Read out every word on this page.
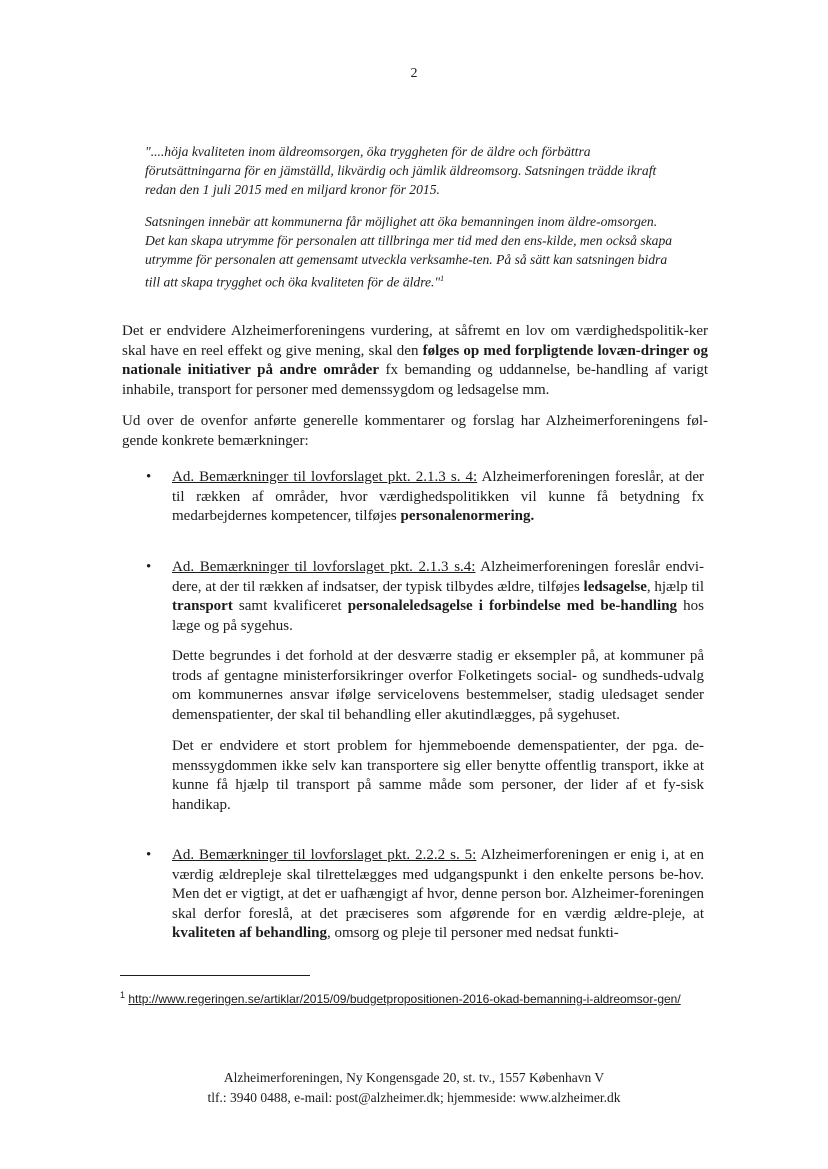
2

"....höja kvaliteten inom äldreomsorgen, öka tryggheten för de äldre och förbättra förutsättningarna för en jämställd, likvärdig och jämlik äldreomsorg. Satsningen trädde ikraft redan den 1 juli 2015 med en miljard kronor för 2015.

Satsningen innebär att kommunerna får möjlighet att öka bemanningen inom äldre-omsorgen. Det kan skapa utrymme för personalen att tillbringa mer tid med den ens-kilde, men också skapa utrymme för personalen att gemensamt utveckla verksamhe-ten. På så sätt kan satsningen bidra till att skapa trygghet och öka kvaliteten för de äldre."$^1$

Det er endvidere Alzheimerforeningens vurdering, at såfremt en lov om værdighedspolitik-ker skal have en reel effekt og give mening, skal den følges op med forpligtende lovæn-dringer og nationale initiativer på andre områder fx bemanding og uddannelse, be-handling af varigt inhabile, transport for personer med demenssygdom og ledsagelse mm.

Ud over de ovenfor anførte generelle kommentarer og forslag har Alzheimerforeningens føl-gende konkrete bemærkninger:

• Ad. Bemærkninger til lovforslaget pkt. 2.1.3 s. 4: Alzheimerforeningen foreslår, at der til rækken af områder, hvor værdighedspolitikken vil kunne få betydning fx medarbejdernes kompetencer, tilføjes personalenormering.
• Ad. Bemærkninger til lovforslaget pkt. 2.1.3 s.4: Alzheimerforeningen foreslår endvi-dere, at der til rækken af indsatser, der typisk tilbydes ældre, tilføjes ledsagelse, hjælp til transport samt kvalificeret personaleledsagelse i forbindelse med be-handling hos læge og på sygehus.
Dette begrundes i det forhold at der desværre stadig er eksempler på, at kommuner på trods af gentagne ministerforsikringer overfor Folketingets social- og sundheds-udvalg om kommunernes ansvar ifølge servicelovens bestemmelser, stadig uledsaget sender demenspatienter, der skal til behandling eller akutindlægges, på sygehuset.
Det er endvidere et stort problem for hjemmeboende demenspatienter, der pga. de-menssygdommen ikke selv kan transportere sig eller benytte offentlig transport, ikke at kunne få hjælp til transport på samme måde som personer, der lider af et fy-sisk handikap.
• Ad. Bemærkninger til lovforslaget pkt. 2.2.2 s. 5: Alzheimerforeningen er enig i, at en værdig ældrepleje skal tilrettelægges med udgangspunkt i den enkelte persons be-hov. Men det er vigtigt, at det er uafhængigt af hvor, denne person bor. Alzheimer-foreningen skal derfor foreslå, at det præciseres som afgørende for en værdig ældre-pleje, at kvaliteten af behandling, omsorg og pleje til personer med nedsat funkti-
$^1$ http://www.regeringen.se/artiklar/2015/09/budgetpropositionen-2016-okad-bemanning-i-aldreomsor-gen/
Alzheimerforeningen, Ny Kongensgade 20, st. tv., 1557 København V
tlf.: 3940 0488, e-mail: post@alzheimer.dk; hjemmeside: www.alzheimer.dk
